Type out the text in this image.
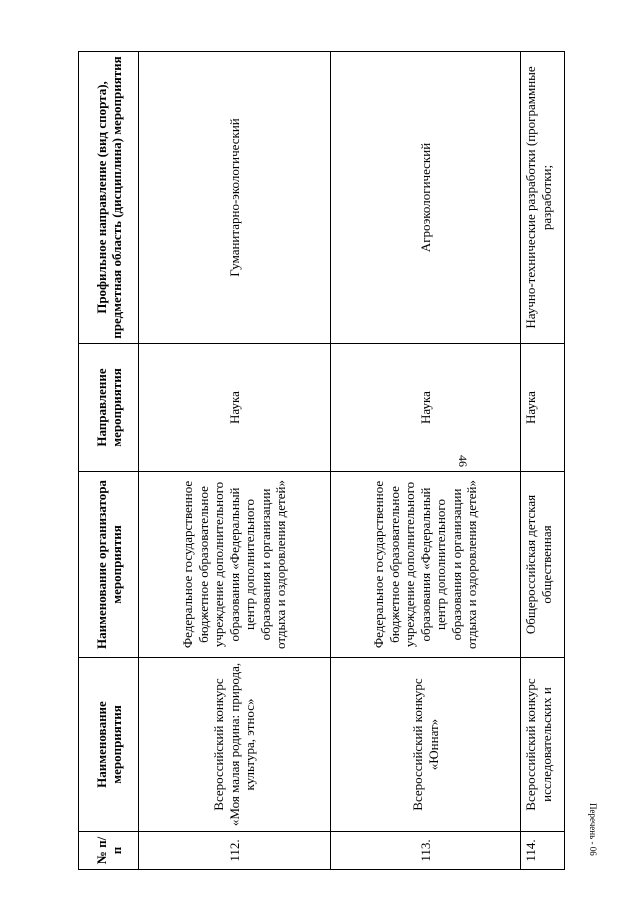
46
№ п/п	Наименование мероприятия	Наименование организатора мероприятия	Направление мероприятия	Профильное направление (вид спорта), предметная область (дисциплина) мероприятия
112.	Всероссийский конкурс «Моя малая родина: природа, культура, этнос»	Федеральное государственное бюджетное образовательное учреждение дополнительного образования «Федеральный центр дополнительного образования и организации отдыха и оздоровления детей»	Наука	Гуманитарно-экологический
113.	Всероссийский конкурс «Юннат»	Федеральное государственное бюджетное образовательное учреждение дополнительного образования «Федеральный центр дополнительного образования и организации отдыха и оздоровления детей»	Наука	Агроэкологический
114.	Всероссийский конкурс исследовательских и	Общероссийская детская общественная	Наука	Научно-технические разработки (программные разработки;
Перечень - 06
